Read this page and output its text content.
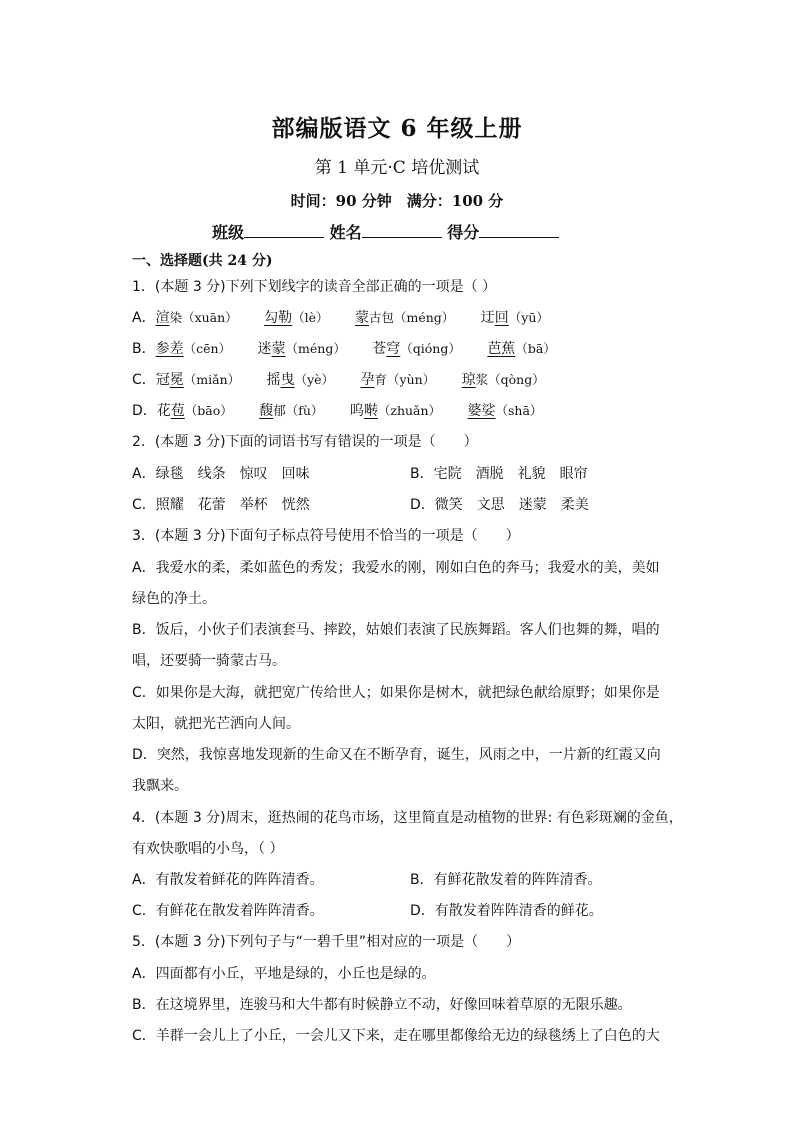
部编版语文 6 年级上册
第 1 单元·C 培优测试
时间：90 分钟　满分：100 分
班级	姓名	得分
一、选择题(共 24 分)
1．(本题 3 分)下列下划线字的读音全部正确的一项是（ ）
A．渲染（xuān） 勾勒（lè） 蒙古包（méng） 迂回（yū）
B．参差（cēn） 迷蒙（méng） 苍穹（qióng） 芭蕉（bā）
C．冠冕（miǎn） 摇曳（yè） 孕育（yùn） 琼浆（qòng）
D．花苞（bāo） 馥郁（fù） 呜啭（zhuǎn） 婆娑（shā）
2．(本题 3 分)下面的词语书写有错误的一项是（　　）
A．绿毯　线条　惊叹　回味	B．宅院　酒脱　礼貌　眼帘
C．照耀　花蕾　举杯　恍然	D．微笑　文思　迷蒙　柔美
3．(本题 3 分)下面句子标点符号使用不恰当的一项是（　　）
A．我爱水的柔，柔如蓝色的秀发；我爱水的刚，刚如白色的奔马；我爱水的美，美如
绿色的净土。
B．饭后，小伙子们表演套马、摔跤，姑娘们表演了民族舞蹈。客人们也舞的舞，唱的
唱，还要骑一骑蒙古马。
C．如果你是大海，就把宽广传给世人；如果你是树木，就把绿色献给原野；如果你是
太阳，就把光芒洒向人间。
D．突然，我惊喜地发现新的生命又在不断孕育，诞生，风雨之中，一片新的红霞又向
我飘来。
4．(本题 3 分)周末，逛热闹的花鸟市场，这里简直是动植物的世界: 有色彩斑斓的金鱼，
有欢快歌唱的小鸟，（ ）
A．有散发着鲜花的阵阵清香。	B．有鲜花散发着的阵阵清香。
C．有鲜花在散发着阵阵清香。	D．有散发着阵阵清香的鲜花。
5．(本题 3 分)下列句子与“一碧千里”相对应的一项是（　　）
A．四面都有小丘，平地是绿的，小丘也是绿的。
B．在这境界里，连骏马和大牛都有时候静立不动，好像回味着草原的无限乐趣。
C．羊群一会儿上了小丘，一会儿又下来，走在哪里都像给无边的绿毯绣上了白色的大
